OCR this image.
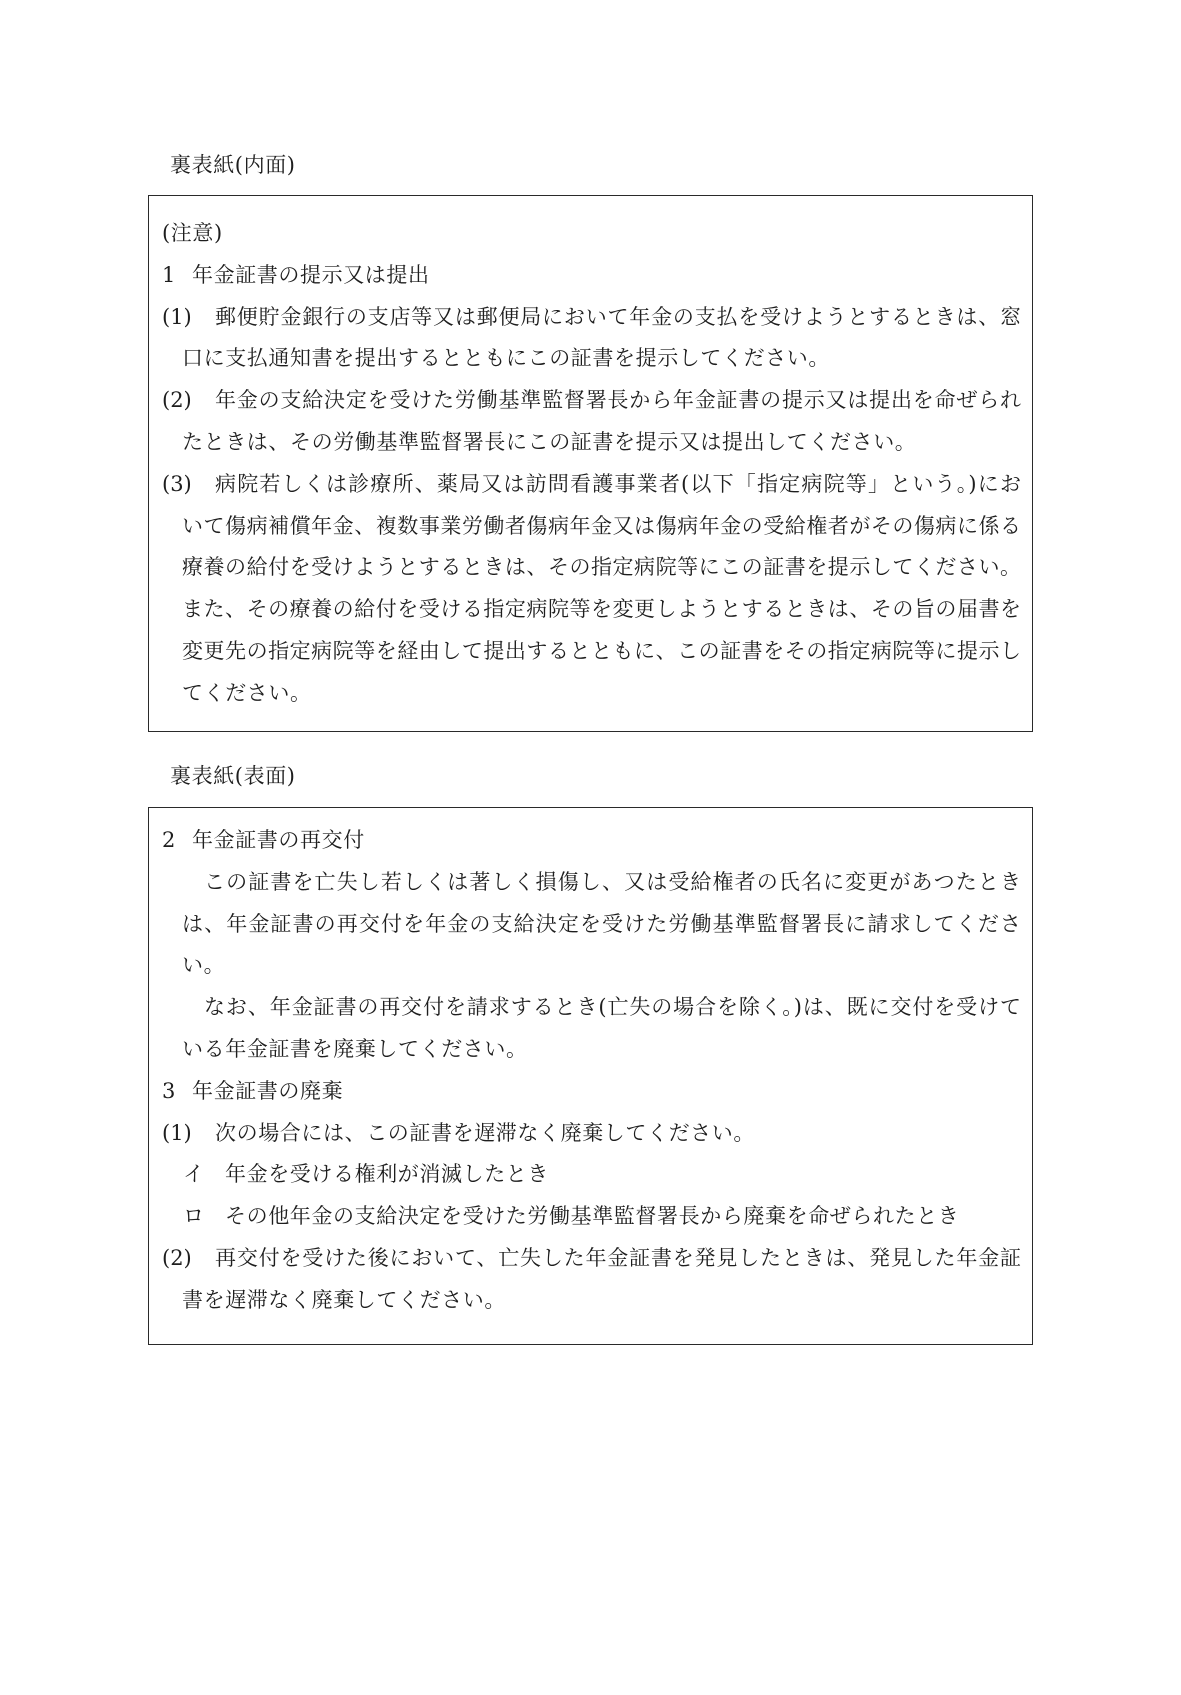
裏表紙(内面)
(注意)
1 年金証書の提示又は提出
(1) 郵便貯金銀行の支店等又は郵便局において年金の支払を受けようとするときは、窓
口に支払通知書を提出するとともにこの証書を提示してください。
(2) 年金の支給決定を受けた労働基準監督署長から年金証書の提示又は提出を命ぜられ
たときは、その労働基準監督署長にこの証書を提示又は提出してください。
(3) 病院若しくは診療所、薬局又は訪問看護事業者(以下「指定病院等」という。)にお
いて傷病補償年金、複数事業労働者傷病年金又は傷病年金の受給権者がその傷病に係る
療養の給付を受けようとするときは、その指定病院等にこの証書を提示してください。
また、その療養の給付を受ける指定病院等を変更しようとするときは、その旨の届書を
変更先の指定病院等を経由して提出するとともに、この証書をその指定病院等に提示し
てください。
裏表紙(表面)
2 年金証書の再交付
この証書を亡失し若しくは著しく損傷し、又は受給権者の氏名に変更があつたとき
は、年金証書の再交付を年金の支給決定を受けた労働基準監督署長に請求してくださ
い。
なお、年金証書の再交付を請求するとき(亡失の場合を除く。)は、既に交付を受けて
いる年金証書を廃棄してください。
3 年金証書の廃棄
(1) 次の場合には、この証書を遅滞なく廃棄してください。
イ 年金を受ける権利が消滅したとき
ロ その他年金の支給決定を受けた労働基準監督署長から廃棄を命ぜられたとき
(2) 再交付を受けた後において、亡失した年金証書を発見したときは、発見した年金証
書を遅滞なく廃棄してください。
